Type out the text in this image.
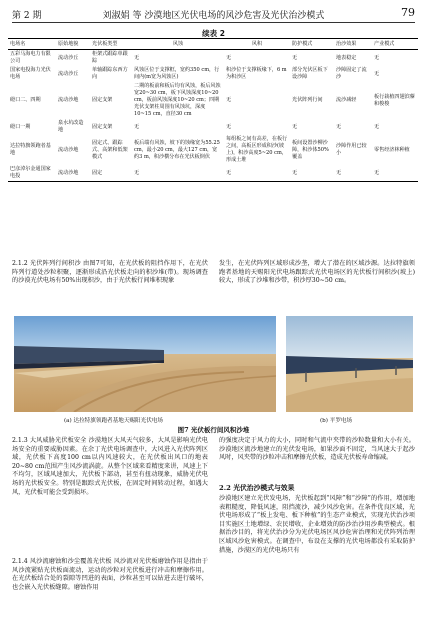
第 2 期	刘淑娟 等 沙漠地区光伏电场的风沙危害及光伏治沙模式	79
续表 2
电场名	原始地貌	光伏板类型	风蚀	风积	防护模式	治沙效果	产业模式
五彩马海电力有限公司	流动沙丘	柜架式跟踪单跟踪	无	无	无	地表稳定	无
国家电投海力光伏电场	流动沙丘	单轴跟踪东西方向	风蚀区位于支撑框，宽约350 cm，行间内(m宽为风蚀区)	积沙位于支撑板缘下，6 m为积沙区	部分光伏区板下设沙障	沙障固定了流沙	无
磴口二、四期	流动沙地	固定支架	二期的板前和板后均有风蚀，板后风蚀宽20~30 cm，板下风蚀深度10~20 cm，板前风蚀深度10~20 cm；四期光伏支架柱周围有风蚀坑，深度10~15 cm，直径30 cm	无	光伏阵列行间	流沙减轻	板行栽植四翅滨藜和梭梭
磴口一期	泉水坑改造地	固定支架	无	无	无	无	无
达拉特旗领跑者基地	流动沙地	固定式、跟踪式、高架和低架模式	板后端有风蚀，坡下的蚀缘宽为55.25 cm，最小20 cm，最大127 cm，宽约3 m，积沙横分布在光伏板倒伏	每组板之间有高差，在板行之间，高板区形成积沙(坡上)，积沙高度5~20 cm，形成土堆	板间设置沙柳沙障，积沙体50%覆盖	沙障作用已较小	零售经济林种植
巴彦淖尔金通国家电投	流动沙地	固定	无	无	无	无	无

2.1.2 光伏阵列行间积沙 由图7可知，在光伏板的阻挡作用下，在光伏阵列行道处沙粒积聚，逐渐形成沿光伏板走向的积沙堆(带)。现场调查的沙漠光伏电场有50%出现积沙，由于光伏板行间堆积现象

发生，在光伏阵列区域形成沙垄，增大了潜在的区域沙源。达拉特旗领跑者基地的天赐阳光伏电场跟踪式光伏电场区的光伏板行间积沙(坡上)较大，形成了沙堆和沙带，积沙厚30~50 cm。

(a) 达拉特旗领跑者基地天赐阳光伏电场	(b) 平罗电场
图7 光伏板行间风积沙堆

2.1.3 大风威胁光伏板安全 沙漠地区大风天气较多，大风是影响光伏电场安全的重要威胁因素。在余丁光伏电场调查中，大风进入光伏阵列区域，光伏板下高度100 cm以内风速较大，在光伏板出风口的地表20~80 cm范围产生风沙流涡旋。从整个区域来看精度来讲，风速上下不均匀，区域风速加大，光伏板下部动，甚至有扭动现象，威胁光伏电场的光伏板安全。特别是跟踪式光伏板，在固定时间转动过程，如遇大风，光伏板可能会受到损坏。

2.1.4 风沙流磨蚀和沙尘覆盖光伏板 风沙流对光伏板磨蚀作用是指由于风沙流紧贴光伏板面流动，运动的沙粒对光伏板进行冲击和摩擦作用。在光伏板结合处的裂隙等凹进的表面，沙粒甚至可以钻进去进行破坏，也会嵌入光伏板缝隙。磨蚀作用

的强度决定于风力的大小，同时和气流中夹带的沙粒数量和大小有关。沙漠地区流沙地建立的光伏发电场，如果沙面不固定，当风速大于起沙风时，风夹带的沙粒冲击和摩擦光伏板，造成光伏板寿命缩减。

2.2 光伏治沙模式与效果

沙漠地区建立光伏发电场，光伏板起到“风障”和“沙障”的作用，增加地表粗糙度，降低风速，阻挡流沙，减少风沙危害。在条件优良区域，光伏电场形成了“板上发电、板下种植”的生态产业模式，实现光伏治沙项目实施区土地增绿、农民增收、企业增效的防沙治沙用沙典型模式。根据治沙目的，将光伏治沙分为光伏电场区风沙危害治理和光伏阵列治理区域风沙危害模式。在调查中，布设在支撑的光伏电场都没有采取防护措施，沙漠区的光伏电场只有
